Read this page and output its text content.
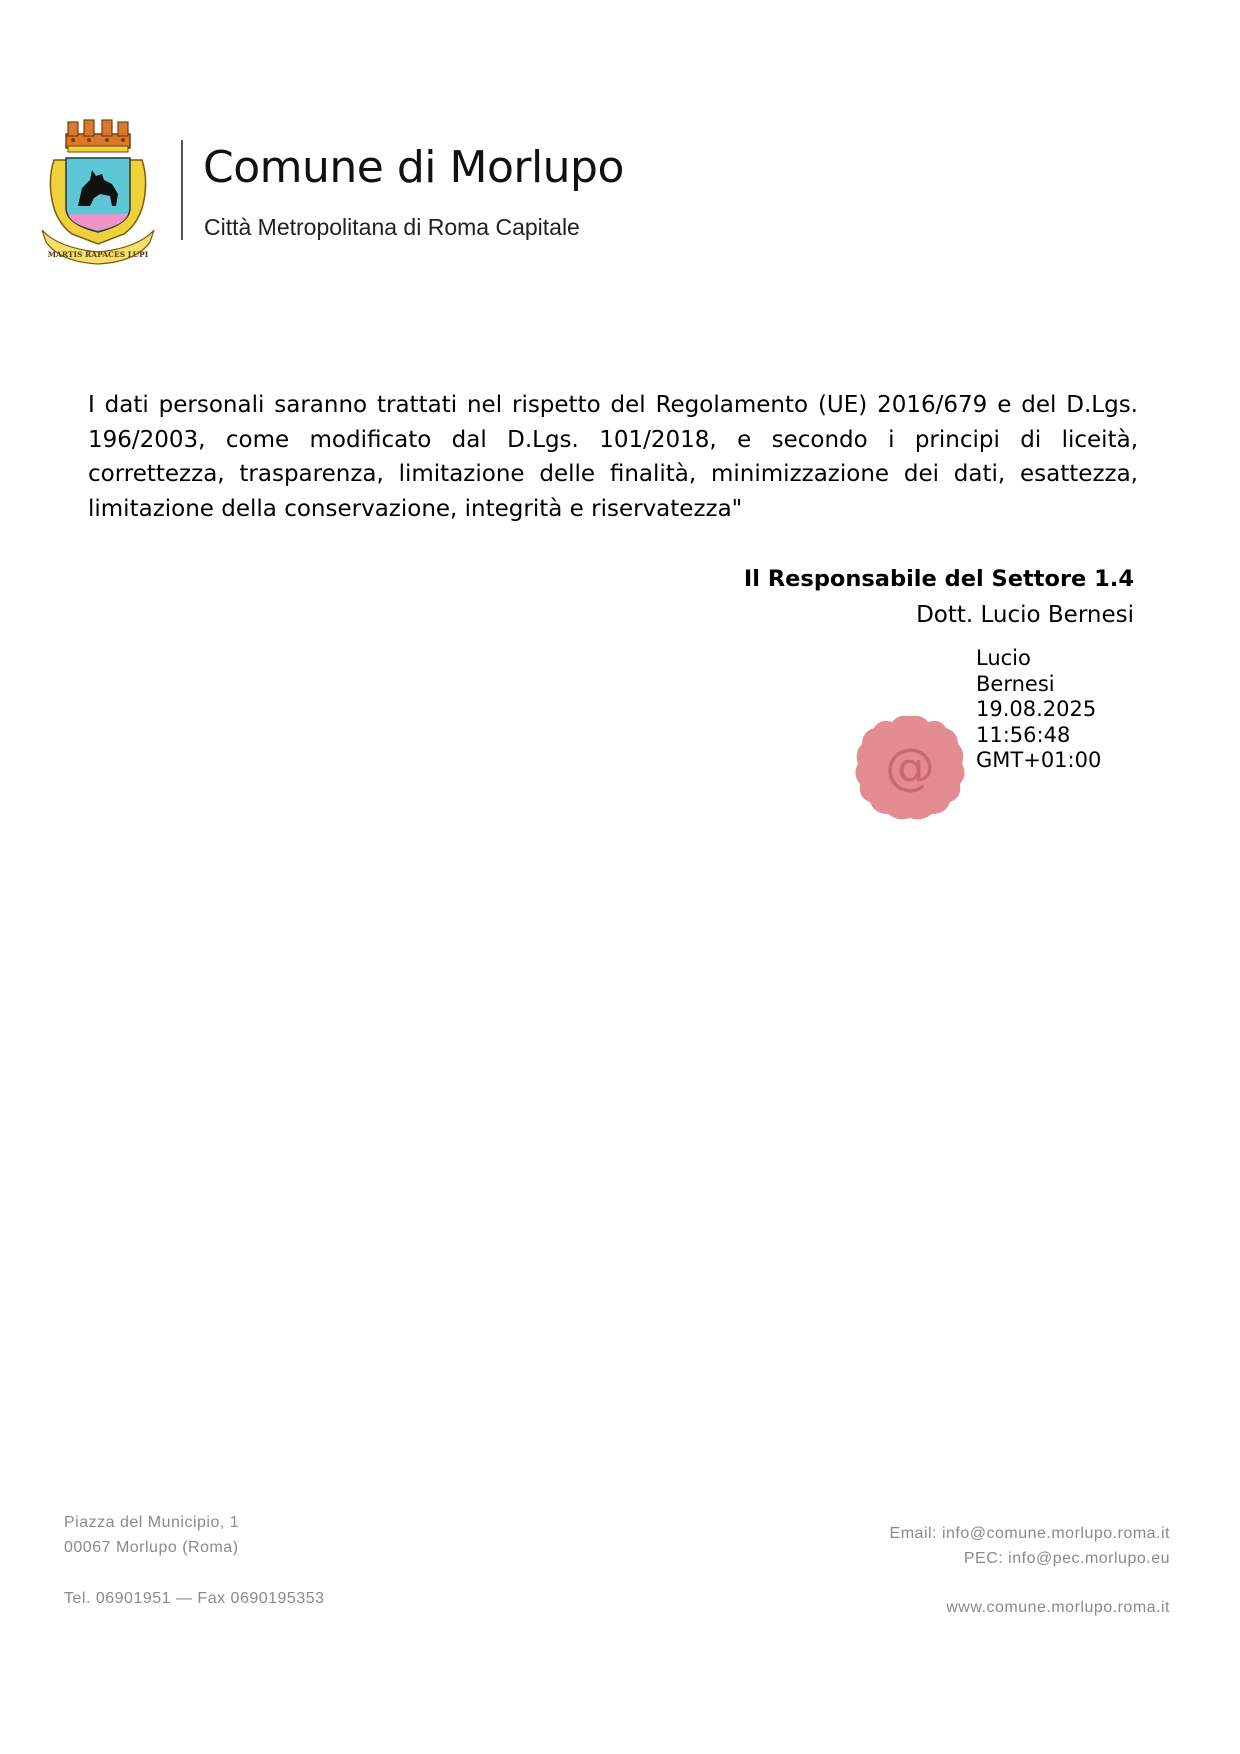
MARTIS RAPACES LUPI
Comune di Morlupo
Città Metropolitana di Roma Capitale
I dati personali saranno trattati nel rispetto del Regolamento (UE) 2016/679 e del D.Lgs. 196/2003, come modificato dal D.Lgs. 101/2018, e secondo i principi di liceità, correttezza, trasparenza, limitazione delle finalità, minimizzazione dei dati, esattezza, limitazione della conservazione, integrità e riservatezza"
Il Responsabile del Settore 1.4
Dott. Lucio Bernesi
@
Lucio
Bernesi
19.08.2025
11:56:48
GMT+01:00
Piazza del Municipio, 1
00067 Morlupo (Roma)
Tel. 06901951 — Fax 0690195353
Email: info@comune.morlupo.roma.it
PEC: info@pec.morlupo.eu
www.comune.morlupo.roma.it
